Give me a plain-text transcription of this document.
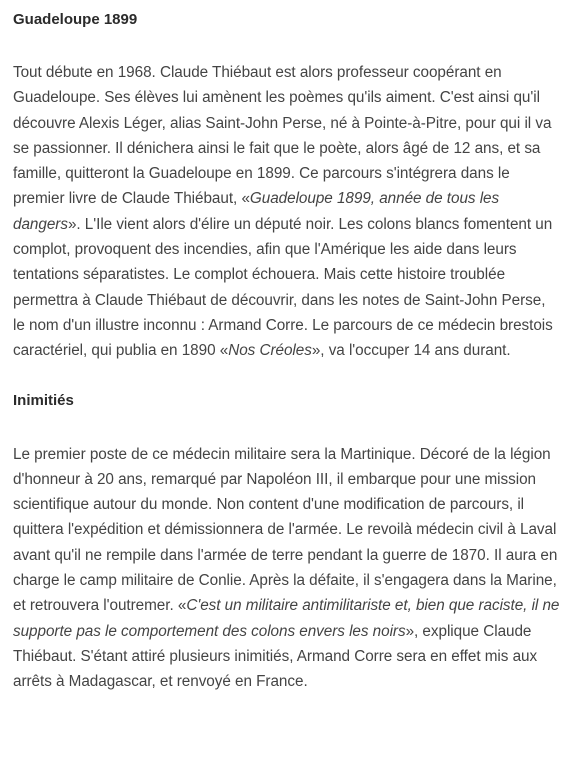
Guadeloupe 1899

Tout débute en 1968. Claude Thiébaut est alors professeur coopérant en Guadeloupe. Ses élèves lui amènent les poèmes qu'ils aiment. C'est ainsi qu'il découvre Alexis Léger, alias Saint-John Perse, né à Pointe-à-Pitre, pour qui il va se passionner. Il dénichera ainsi le fait que le poète, alors âgé de 12 ans, et sa famille, quitteront la Guadeloupe en 1899. Ce parcours s'intégrera dans le premier livre de Claude Thiébaut, «Guadeloupe 1899, année de tous les dangers». L'Ile vient alors d'élire un député noir. Les colons blancs fomentent un complot, provoquent des incendies, afin que l'Amérique les aide dans leurs tentations séparatistes. Le complot échouera. Mais cette histoire troublée permettra à Claude Thiébaut de découvrir, dans les notes de Saint-John Perse, le nom d'un illustre inconnu : Armand Corre. Le parcours de ce médecin brestois caractériel, qui publia en 1890 «Nos Créoles», va l'occuper 14 ans durant.

Inimitiés

Le premier poste de ce médecin militaire sera la Martinique. Décoré de la légion d'honneur à 20 ans, remarqué par Napoléon III, il embarque pour une mission scientifique autour du monde. Non content d'une modification de parcours, il quittera l'expédition et démissionnera de l'armée. Le revoilà médecin civil à Laval avant qu'il ne rempile dans l'armée de terre pendant la guerre de 1870. Il aura en charge le camp militaire de Conlie. Après la défaite, il s'engagera dans la Marine, et retrouvera l'outremer. «C'est un militaire antimilitariste et, bien que raciste, il ne supporte pas le comportement des colons envers les noirs», explique Claude Thiébaut. S'étant attiré plusieurs inimitiés, Armand Corre sera en effet mis aux arrêts à Madagascar, et renvoyé en France.
